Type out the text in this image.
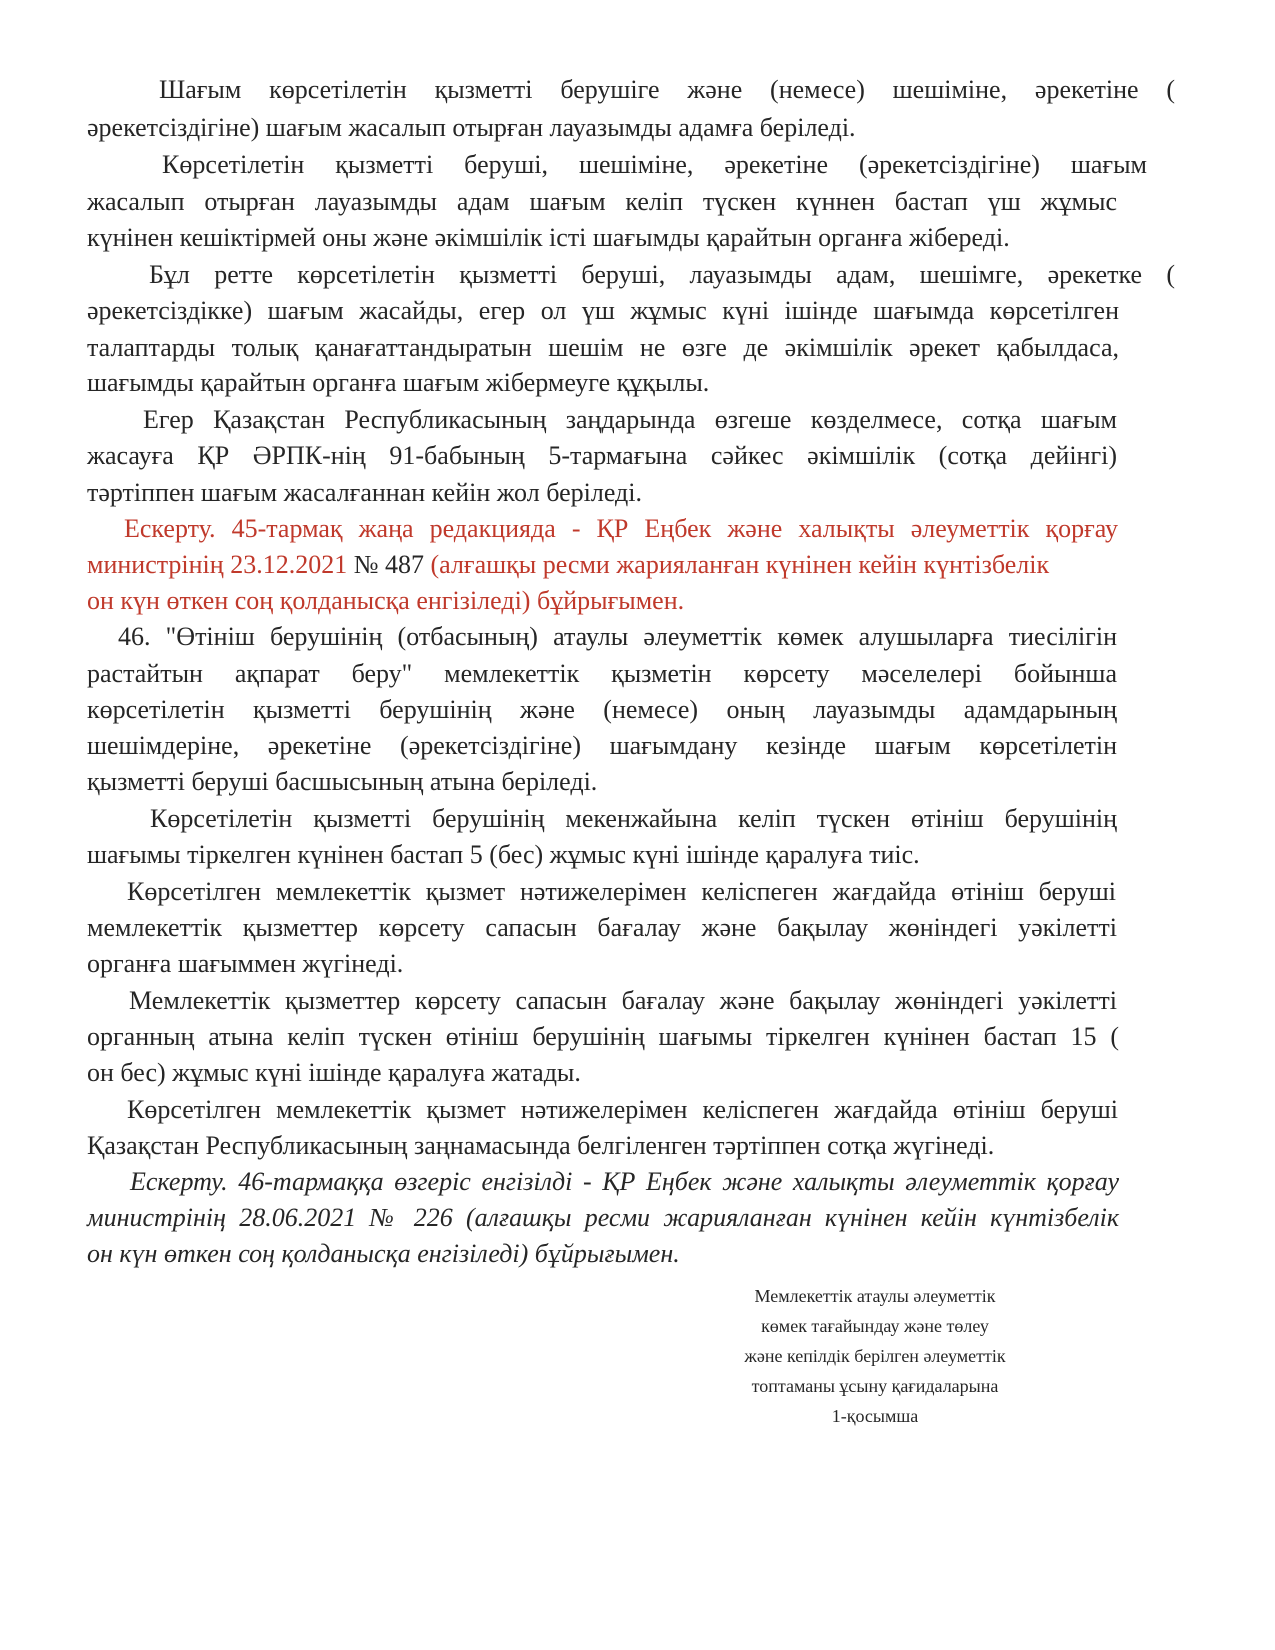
Шағым көрсетілетін қызметті берушіге және (немесе) шешіміне, әрекетіне (
әрекетсіздігіне) шағым жасалып отырған лауазымды адамға беріледі.
Көрсетілетін қызметті беруші, шешіміне, әрекетіне (әрекетсіздігіне) шағым
жасалып отырған лауазымды адам шағым келіп түскен күннен бастап үш жұмыс
күнінен кешіктірмей оны және әкімшілік істі шағымды қарайтын органға жібереді.
Бұл ретте көрсетілетін қызметті беруші, лауазымды адам, шешімге, әрекетке (
әрекетсіздікке) шағым жасайды, егер ол үш жұмыс күні ішінде шағымда көрсетілген
талаптарды толық қанағаттандыратын шешім не өзге де әкімшілік әрекет қабылдаса,
шағымды қарайтын органға шағым жібермеуге құқылы.
Егер Қазақстан Республикасының заңдарында өзгеше көзделмесе, сотқа шағым
жасауға ҚР ӘРПК-нің 91-бабының 5-тармағына сәйкес әкімшілік (сотқа дейінгі)
тәртіппен шағым жасалғаннан кейін жол беріледі.
Ескерту. 45-тармақ жаңа редакцияда - ҚР Еңбек және халықты әлеуметтік қорғау
министрінің 23.12.2021 № 487 (алғашқы ресми жарияланған күнінен кейін күнтізбелік
он күн өткен соң қолданысқа енгізіледі) бұйрығымен.
46. "Өтініш берушінің (отбасының) атаулы әлеуметтік көмек алушыларға тиесілігін
растайтын ақпарат беру" мемлекеттік қызметін көрсету мәселелері бойынша
көрсетілетін қызметті берушінің және (немесе) оның лауазымды адамдарының
шешімдеріне, әрекетіне (әрекетсіздігіне) шағымдану кезінде шағым көрсетілетін
қызметті беруші басшысының атына беріледі.
Көрсетілетін қызметті берушінің мекенжайына келіп түскен өтініш берушінің
шағымы тіркелген күнінен бастап 5 (бес) жұмыс күні ішінде қаралуға тиіс.
Көрсетілген мемлекеттік қызмет нәтижелерімен келіспеген жағдайда өтініш беруші
мемлекеттік қызметтер көрсету сапасын бағалау және бақылау жөніндегі уәкілетті
органға шағыммен жүгінеді.
Мемлекеттік қызметтер көрсету сапасын бағалау және бақылау жөніндегі уәкілетті
органның атына келіп түскен өтініш берушінің шағымы тіркелген күнінен бастап 15 (
он бес) жұмыс күні ішінде қаралуға жатады.
Көрсетілген мемлекеттік қызмет нәтижелерімен келіспеген жағдайда өтініш беруші
Қазақстан Республикасының заңнамасында белгіленген тәртіппен сотқа жүгінеді.
Ескерту. 46-тармаққа өзгеріс енгізілді - ҚР Еңбек және халықты әлеуметтік қорғау
министрінің 28.06.2021 № 226 (алғашқы ресми жарияланған күнінен кейін күнтізбелік
он күн өткен соң қолданысқа енгізіледі) бұйрығымен.
Мемлекеттік атаулы әлеуметтік
көмек тағайындау және төлеу
және кепілдік берілген әлеуметтік
топтаманы ұсыну қағидаларына
1-қосымша
